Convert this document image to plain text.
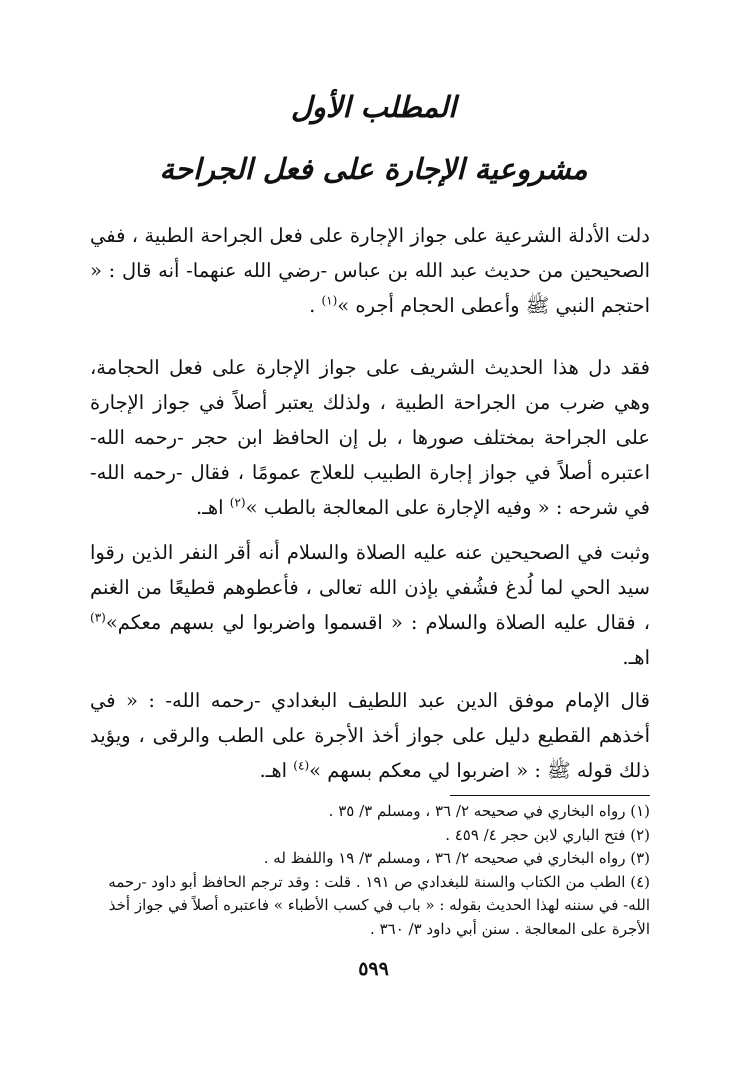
المطلب الأول
مشروعية الإجارة على فعل الجراحة

دلت الأدلة الشرعية على جواز الإجارة على فعل الجراحة الطبية ، ففي الصحيحين من حديث عبد الله بن عباس -رضي الله عنهما- أنه قال : « احتجم النبي ﷺ وأعطى الحجام أجره »$^{(١)}$ .

فقد دل هذا الحديث الشريف على جواز الإجارة على فعل الحجامة، وهي ضرب من الجراحة الطبية ، ولذلك يعتبر أصلاً في جواز الإجارة على الجراحة بمختلف صورها ، بل إن الحافظ ابن حجر -رحمه الله- اعتبره أصلاً في جواز إجارة الطبيب للعلاج عمومًا ، فقال -رحمه الله- في شرحه : « وفيه الإجارة على المعالجة بالطب »$^{(٢)}$ اهـ.

وثبت في الصحيحين عنه عليه الصلاة والسلام أنه أقر النفر الذين رقوا سيد الحي لما لُدغ فشُفي بإذن الله تعالى ، فأعطوهم قطيعًا من الغنم ، فقال عليه الصلاة والسلام : « اقسموا واضربوا لي بسهم معكم»$^{(٣)}$ اهـ.

قال الإمام موفق الدين عبد اللطيف البغدادي -رحمه الله- : « في أخذهم القطيع دليل على جواز أخذ الأجرة على الطب والرقى ، ويؤيد ذلك قوله ﷺ : « اضربوا لي معكم بسهم »$^{(٤)}$ اهـ.

(١) رواه البخاري في صحيحه ٢/ ٣٦ ، ومسلم ٣/ ٣٥ .
(٢) فتح الباري لابن حجر ٤/ ٤٥٩ .
(٣) رواه البخاري في صحيحه ٢/ ٣٦ ، ومسلم ٣/ ١٩ واللفظ له .
(٤) الطب من الكتاب والسنة للبغدادي ص ١٩١ . قلت : وقد ترجم الحافظ أبو داود -رحمه الله- في سننه لهذا الحديث بقوله : « باب في كسب الأطباء » فاعتبره أصلاً في جواز أخذ الأجرة على المعالجة . سنن أبي داود ٣/ ٣٦٠ .
٥٩٩
